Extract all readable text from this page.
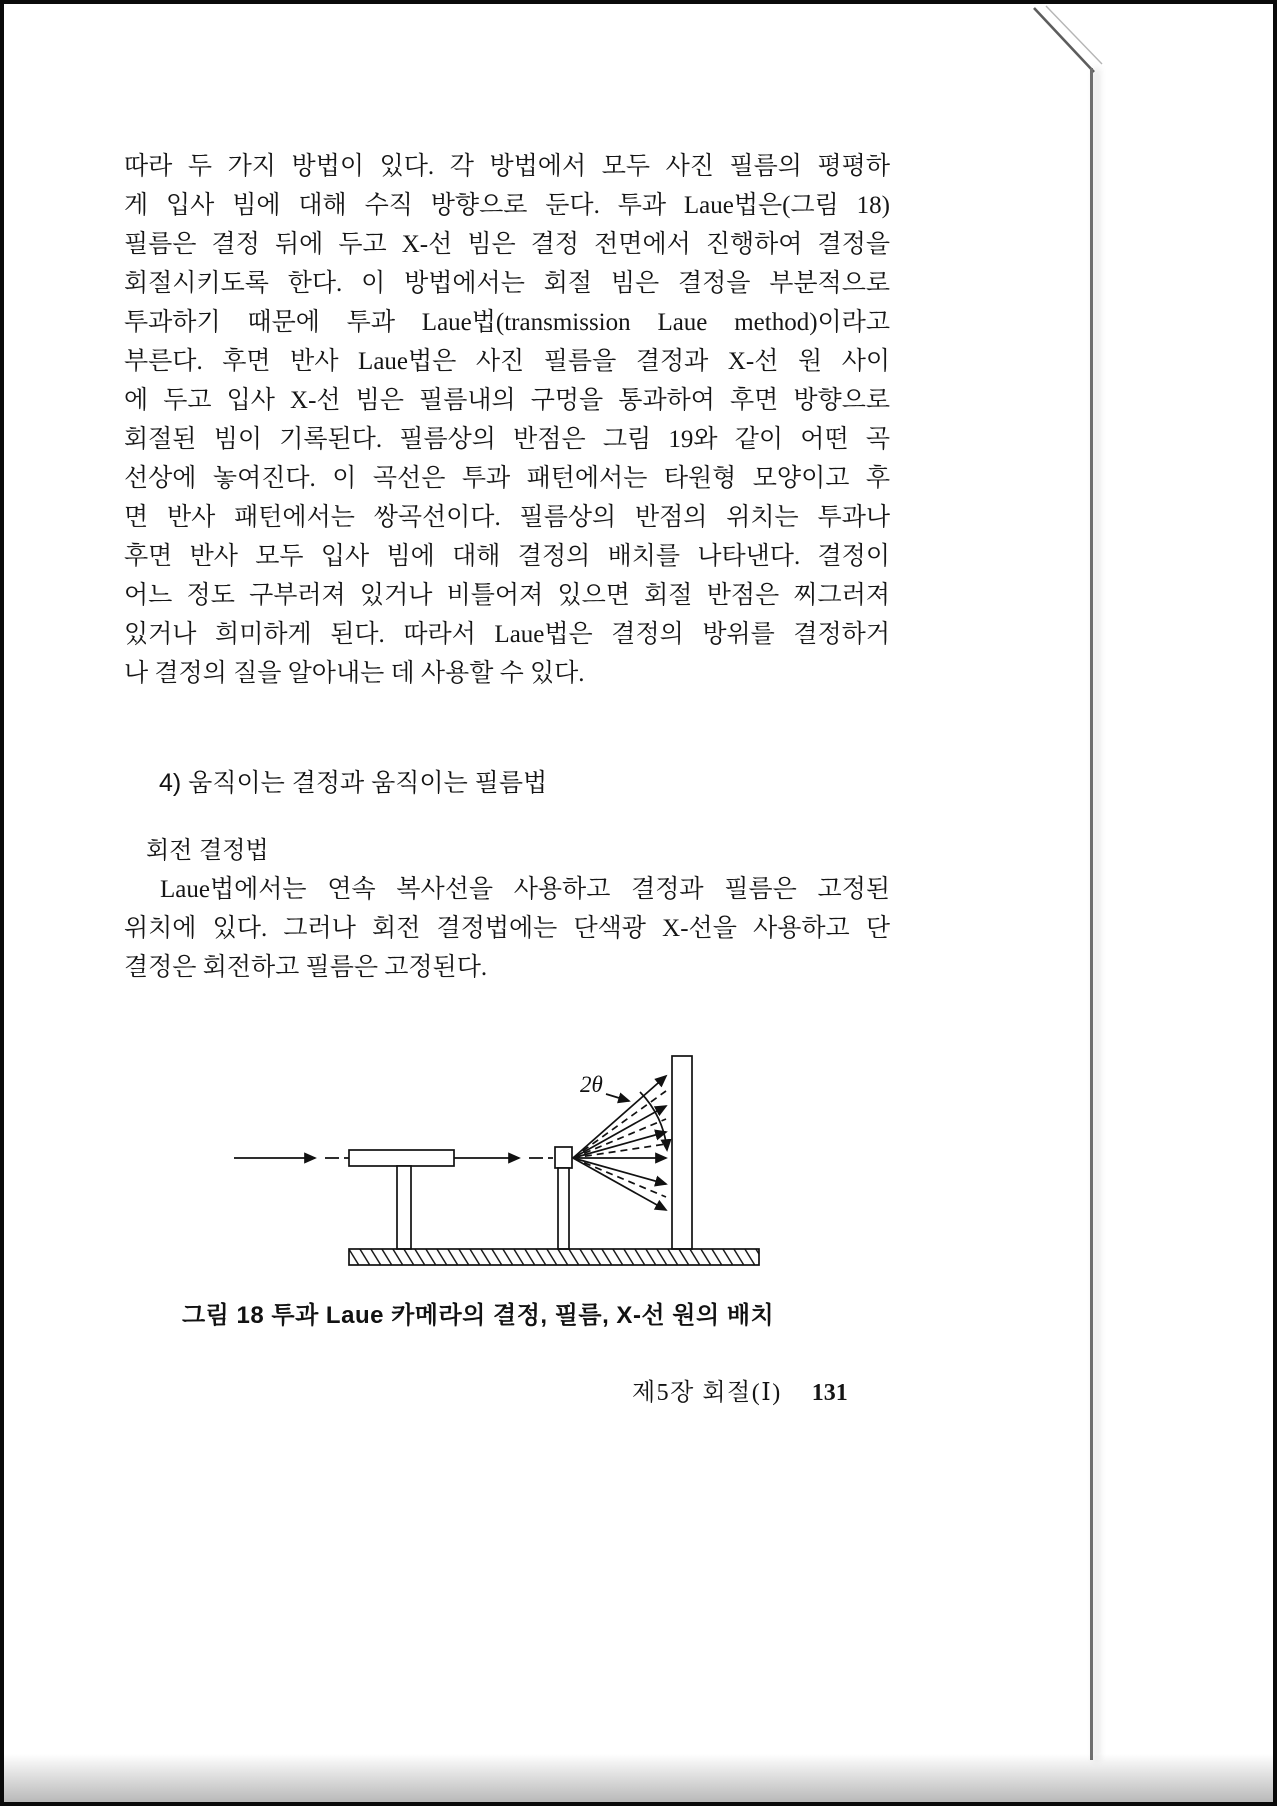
따라 두 가지 방법이 있다. 각 방법에서 모두 사진 필름의 평평하
게 입사 빔에 대해 수직 방향으로 둔다. 투과 Laue법은(그림 18)
필름은 결정 뒤에 두고 X-선 빔은 결정 전면에서 진행하여 결정을
회절시키도록 한다. 이 방법에서는 회절 빔은 결정을 부분적으로
투과하기 때문에 투과 Laue법(transmission Laue method)이라고
부른다. 후면 반사 Laue법은 사진 필름을 결정과 X-선 원 사이
에 두고 입사 X-선 빔은 필름내의 구멍을 통과하여 후면 방향으로
회절된 빔이 기록된다. 필름상의 반점은 그림 19와 같이 어떤 곡
선상에 놓여진다. 이 곡선은 투과 패턴에서는 타원형 모양이고 후
면 반사 패턴에서는 쌍곡선이다. 필름상의 반점의 위치는 투과나
후면 반사 모두 입사 빔에 대해 결정의 배치를 나타낸다. 결정이
어느 정도 구부러져 있거나 비틀어져 있으면 회절 반점은 찌그러져
있거나 희미하게 된다. 따라서 Laue법은 결정의 방위를 결정하거
나 결정의 질을 알아내는 데 사용할 수 있다.
4) 움직이는 결정과 움직이는 필름법
회전 결정법
Laue법에서는 연속 복사선을 사용하고 결정과 필름은 고정된
위치에 있다. 그러나 회전 결정법에는 단색광 X-선을 사용하고 단
결정은 회전하고 필름은 고정된다.
2θ
그림 18 투과 Laue 카메라의 결정, 필름, X-선 원의 배치
제5장 회절(Ⅰ) 131
